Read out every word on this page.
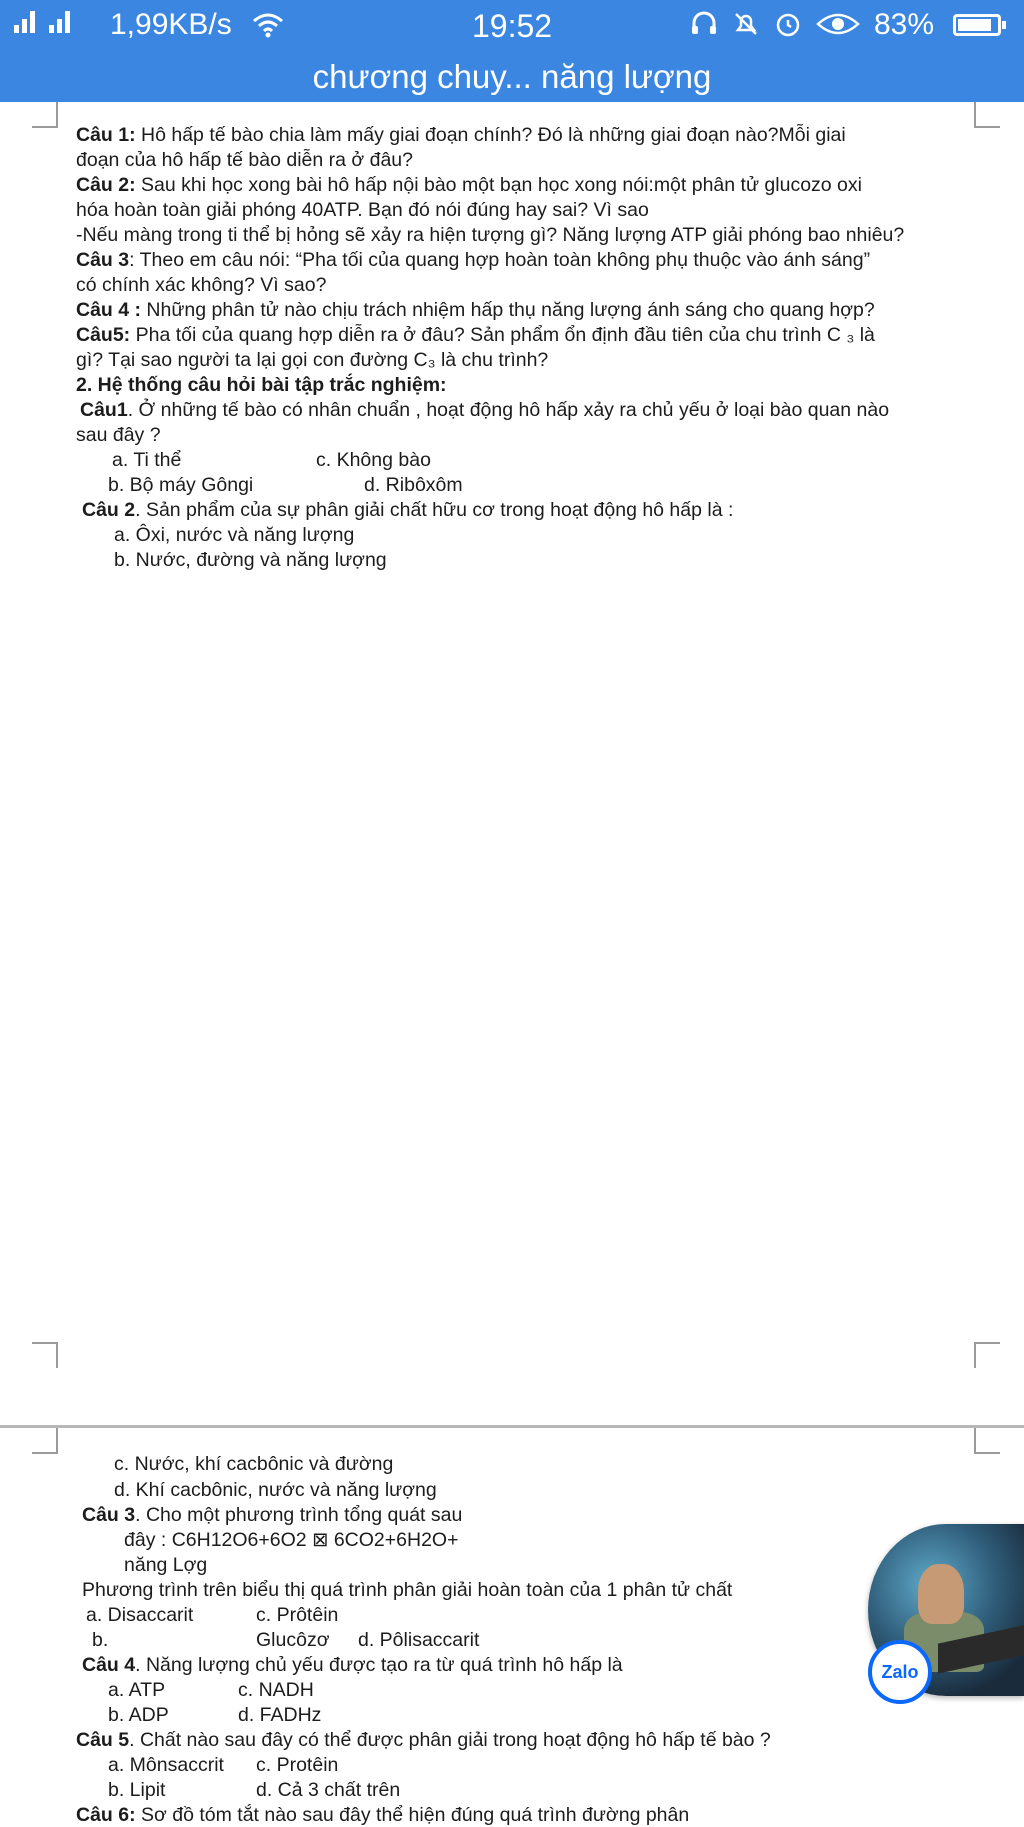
1,99KB/s	19:52	83%
chương chuy... năng lượng
Câu 1: Hô hấp tế bào chia làm mấy giai đoạn chính? Đó là những giai đoạn nào?Mỗi giai
đoạn của hô hấp tế bào diễn ra ở đâu?
Câu 2: Sau khi học xong bài hô hấp nội bào một bạn học xong nói:một phân tử glucozo oxi
hóa hoàn toàn giải phóng 40ATP. Bạn đó nói đúng hay sai? Vì sao
-Nếu màng trong ti thể bị hỏng sẽ xảy ra hiện tượng gì? Năng lượng ATP giải phóng bao nhiêu?
Câu 3: Theo em câu nói: “Pha tối của quang hợp hoàn toàn không phụ thuộc vào ánh sáng”
có chính xác không? Vì sao?
Câu 4 : Những phân tử nào chịu trách nhiệm hấp thụ năng lượng ánh sáng cho quang hợp?
Câu5: Pha tối của quang hợp diễn ra ở đâu? Sản phẩm ổn định đầu tiên của chu trình C ₃ là
gì? Tại sao người ta lại gọi con đường C₃ là chu trình?
2. Hệ thống câu hỏi bài tập trắc nghiệm:
Câu1. Ở những tế bào có nhân chuẩn , hoạt động hô hấp xảy ra chủ yếu ở loại bào quan nào
sau đây ?
a. Ti thể	c. Không bào
b. Bộ máy Gôngi	d. Ribôxôm
Câu 2. Sản phẩm của sự phân giải chất hữu cơ trong hoạt động hô hấp là :
a. Ôxi, nước và năng lượng
b. Nước, đường và năng lượng
c. Nước, khí cacbônic và đường
d. Khí cacbônic, nước và năng lượng
Câu 3. Cho một phương trình tổng quát sau
đây : C6H12O6+6O2 ⊠ 6CO2+6H2O+
năng Lợg
Phương trình trên biểu thị quá trình phân giải hoàn toàn của 1 phân tử chất
a. Disaccarit	c. Prôtêin
b.	Glucôzơ d. Pôlisaccarit
Câu 4. Năng lượng chủ yếu được tạo ra từ quá trình hô hấp là
a. ATP	c. NADH
b. ADP	d. FADHz
Câu 5. Chất nào sau đây có thể được phân giải trong hoạt động hô hấp tế bào ?
a. Mônsaccrit c. Protêin
b. Lipit	d. Cả 3 chất trên
Câu 6: Sơ đồ tóm tắt nào sau đây thể hiện đúng quá trình đường phân
Zalo
